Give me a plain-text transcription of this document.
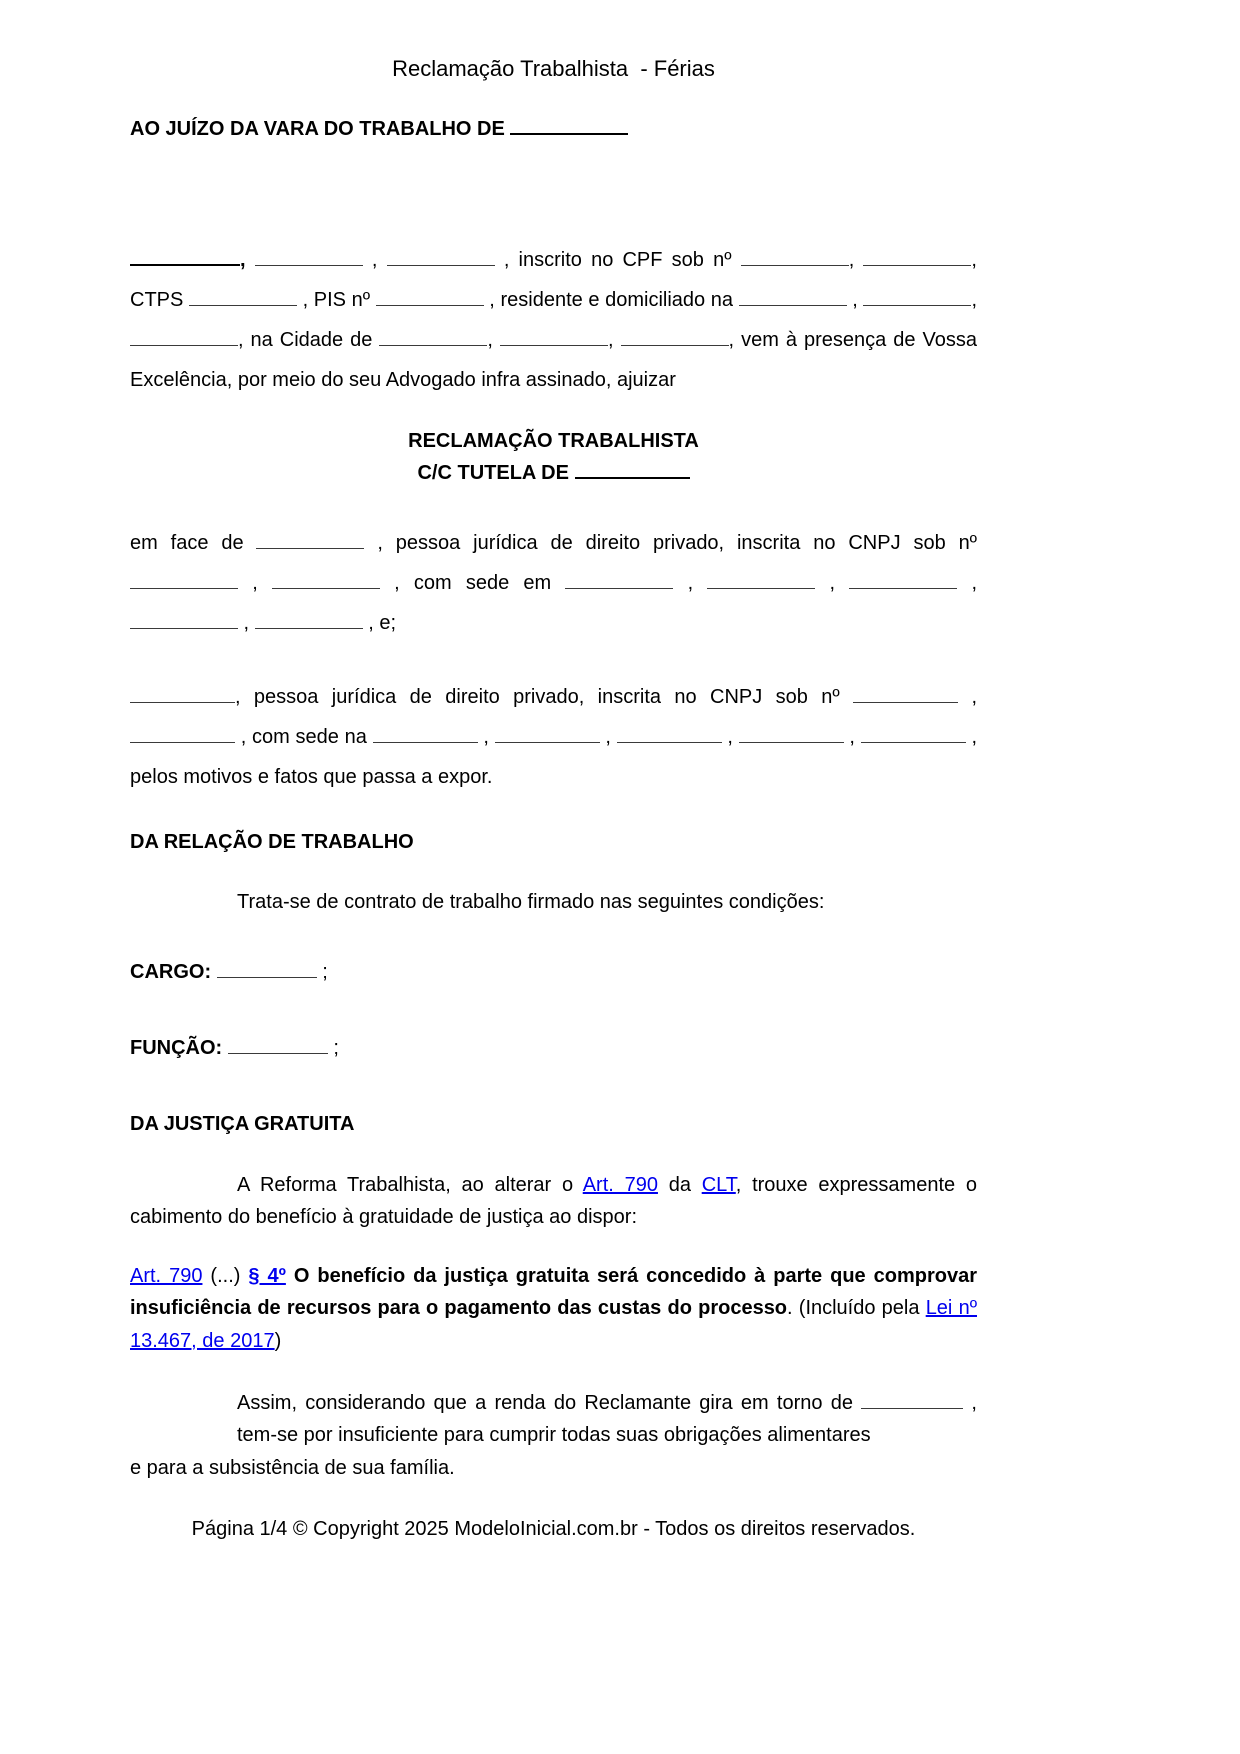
Reclamação Trabalhista  - Férias
AO JUÍZO DA VARA DO TRABALHO DE
,	,	, inscrito no CPF sob nº	,	, CTPS	, PIS nº	, residente e domiciliado na	,	, , na Cidade de	,	,	, vem à presença de Vossa Excelência, por meio do seu Advogado infra assinado, ajuizar
RECLAMAÇÃO TRABALHISTA
C/C TUTELA DE
em face de	, pessoa jurídica de direito privado, inscrita no CNPJ sob nº  ,	, com sede em	,	,	,  ,	, e;
, pessoa jurídica de direito privado, inscrita no CNPJ sob nº	,  , com sede na	,	,	,	,	, pelos motivos e fatos que passa a expor.
DA RELAÇÃO DE TRABALHO
Trata-se de contrato de trabalho firmado nas seguintes condições:
CARGO:	;
FUNÇÃO:	;
DA JUSTIÇA GRATUITA
A Reforma Trabalhista, ao alterar o Art. 790 da CLT, trouxe expressamente o cabimento do benefício à gratuidade de justiça ao dispor:
Art. 790 (...) § 4º O benefício da justiça gratuita será concedido à parte que comprovar insuficiência de recursos para o pagamento das custas do processo. (Incluído pela Lei nº 13.467, de 2017)
Assim, considerando que a renda do Reclamante gira em torno de	, tem-se por insuficiente para cumprir todas suas obrigações alimentares
e para a subsistência de sua família.
Página 1/4 © Copyright 2025 ModeloInicial.com.br - Todos os direitos reservados.
